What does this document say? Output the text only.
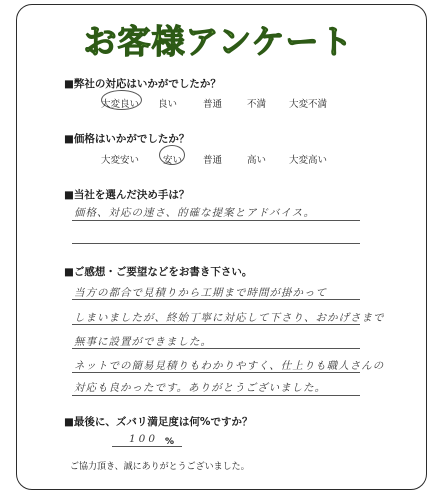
お客様アンケート
■弊社の対応はいかがでしたか？
大変良い 良い	普通	不満 大変不満
■価格はいかがでしたか？
大変安い	安い 普通	高い 大変高い
■当社を選んだ決め手は？
価格、対応の速さ、的確な提案とアドバイス。
■ご感想・ご要望などをお書き下さい。
当方の都合で見積りから工期まで時間が掛かって
しまいましたが、終始丁寧に対応して下さり、おかげさまで
無事に設置ができました。
ネットでの簡易見積りもわかりやすく、仕上りも職人さんの
対応も良かったです。ありがとうございました。
■最後に、ズバリ満足度は何%ですか？
100 %
ご協力頂き、誠にありがとうございました。
